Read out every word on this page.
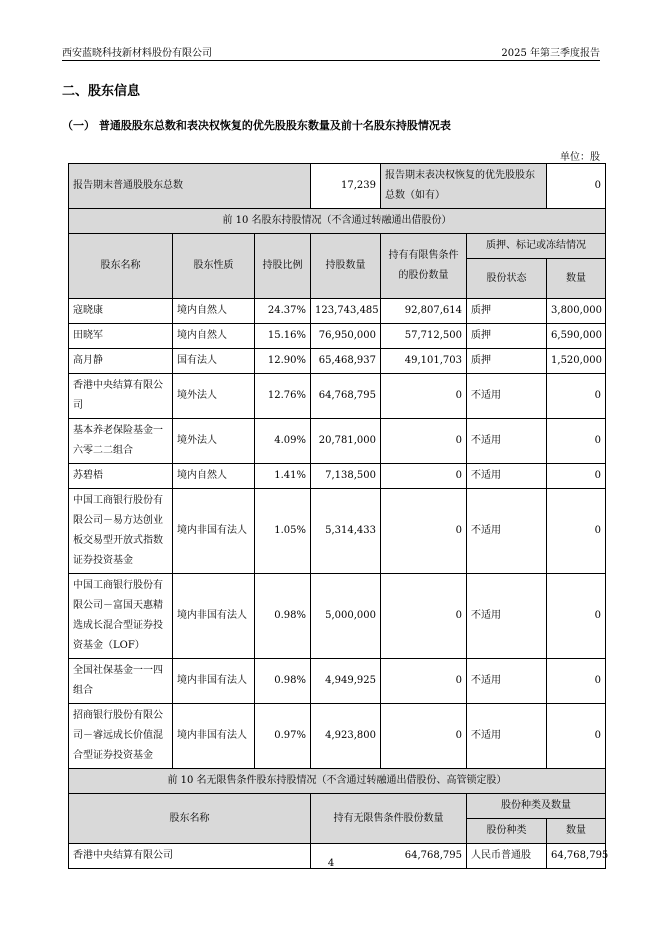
西安蓝晓科技新材料股份有限公司	2025 年第三季度报告
二、股东信息
（一） 普通股股东总数和表决权恢复的优先股股东数量及前十名股东持股情况表
单位：股
报告期末普通股股东总数			17,239	报告期末表决权恢复的优先股股东总数（如有）		0
前 10 名股东持股情况（不含通过转融通出借股份）						
股东名称	股东性质	持股比例	持股数量	持有有限售条件的股份数量	质押、标记或冻结情况	
					股份状态	数量
寇晓康	境内自然人	24.37%	123,743,485	92,807,614	质押	3,800,000
田晓军	境内自然人	15.16%	76,950,000	57,712,500	质押	6,590,000
高月静	国有法人	12.90%	65,468,937	49,101,703	质押	1,520,000
香港中央结算有限公司	境外法人	12.76%	64,768,795	0	不适用	0
基本养老保险基金一六零二二组合	境外法人	4.09%	20,781,000	0	不适用	0
苏碧梧	境内自然人	1.41%	7,138,500	0	不适用	0
中国工商银行股份有限公司－易方达创业板交易型开放式指数证券投资基金	境内非国有法人	1.05%	5,314,433	0	不适用	0
中国工商银行股份有限公司－富国天惠精选成长混合型证券投资基金（LOF）	境内非国有法人	0.98%	5,000,000	0	不适用	0
全国社保基金一一四组合	境内非国有法人	0.98%	4,949,925	0	不适用	0
招商银行股份有限公司－睿远成长价值混合型证券投资基金	境内非国有法人	0.97%	4,923,800	0	不适用	0
前 10 名无限售条件股东持股情况（不含通过转融通出借股份、高管锁定股）						
股东名称			持有无限售条件股份数量		股份种类及数量	
					股份种类	数量
香港中央结算有限公司			64,768,795		人民币普通股	64,768,795
4
